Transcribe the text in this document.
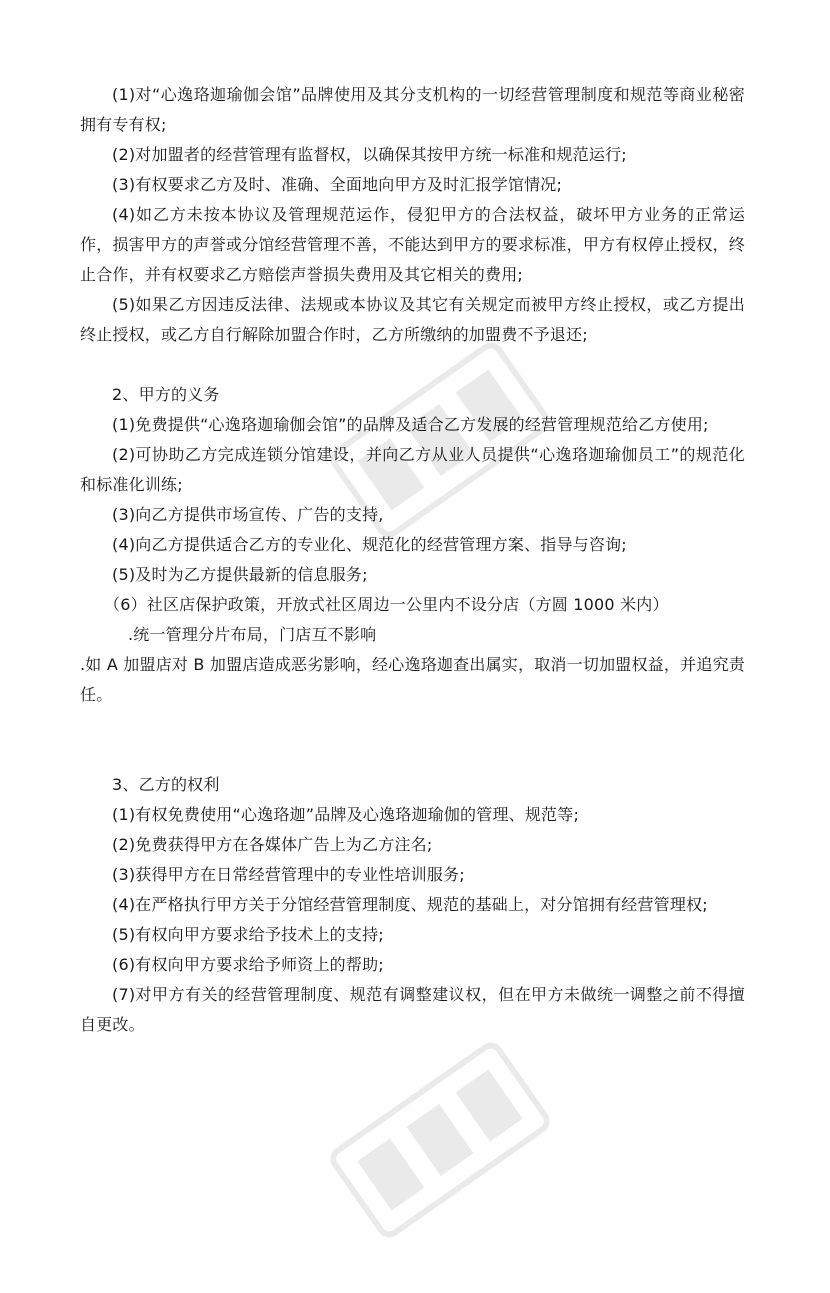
(1)对“心逸珞迦瑜伽会馆”品牌使用及其分支机构的一切经营管理制度和规范等商业秘密拥有专有权;

(2)对加盟者的经营管理有监督权，以确保其按甲方统一标准和规范运行;

(3)有权要求乙方及时、准确、全面地向甲方及时汇报学馆情况;

(4)如乙方未按本协议及管理规范运作，侵犯甲方的合法权益，破坏甲方业务的正常运作，损害甲方的声誉或分馆经营管理不善，不能达到甲方的要求标准，甲方有权停止授权，终止合作，并有权要求乙方赔偿声誉损失费用及其它相关的费用;

(5)如果乙方因违反法律、法规或本协议及其它有关规定而被甲方终止授权，或乙方提出终止授权，或乙方自行解除加盟合作时，乙方所缴纳的加盟费不予退还;

2、甲方的义务

(1)免费提供“心逸珞迦瑜伽会馆”的品牌及适合乙方发展的经营管理规范给乙方使用;

(2)可协助乙方完成连锁分馆建设，并向乙方从业人员提供“心逸珞迦瑜伽员工”的规范化和标准化训练;

(3)向乙方提供市场宣传、广告的支持,

(4)向乙方提供适合乙方的专业化、规范化的经营管理方案、指导与咨询;

(5)及时为乙方提供最新的信息服务;

（6）社区店保护政策，开放式社区周边一公里内不设分店（方圆 1000 米内）

.统一管理分片布局，门店互不影响

.如 A 加盟店对 B 加盟店造成恶劣影响，经心逸珞迦查出属实，取消一切加盟权益，并追究责任。

3、乙方的权利

(1)有权免费使用“心逸珞迦”品牌及心逸珞迦瑜伽的管理、规范等;

(2)免费获得甲方在各媒体广告上为乙方注名;

(3)获得甲方在日常经营管理中的专业性培训服务;

(4)在严格执行甲方关于分馆经营管理制度、规范的基础上，对分馆拥有经营管理权;

(5)有权向甲方要求给予技术上的支持;

(6)有权向甲方要求给予师资上的帮助;

(7)对甲方有关的经营管理制度、规范有调整建议权，但在甲方未做统一调整之前不得擅自更改。
